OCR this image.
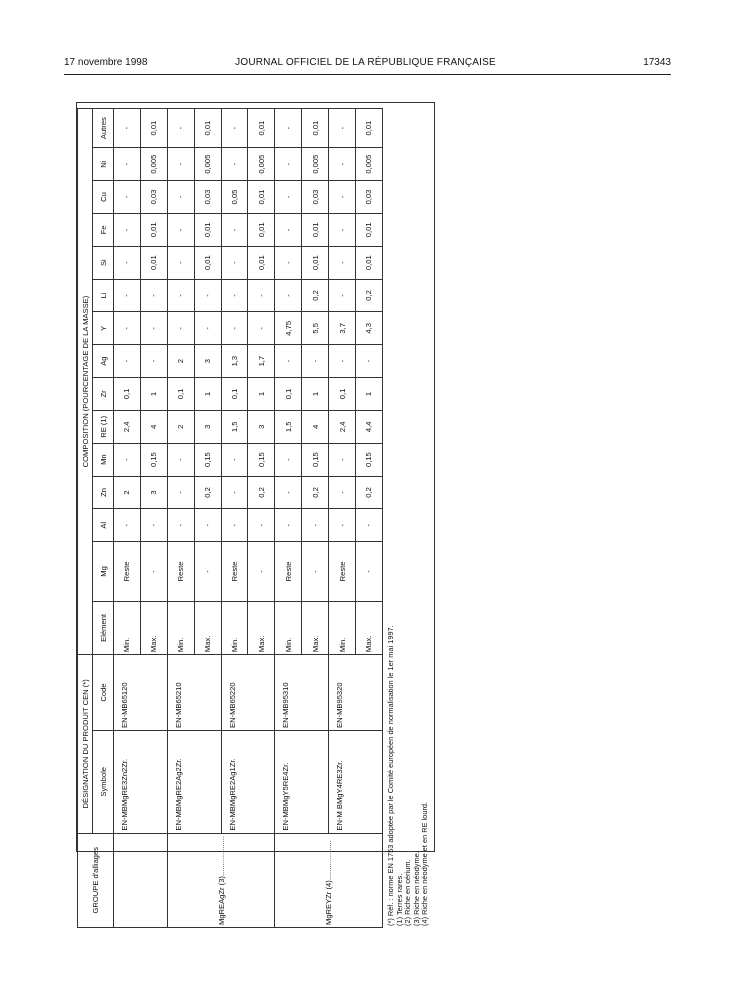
17 novembre 1998	JOURNAL OFFICIEL DE LA RÉPUBLIQUE FRANÇAISE	17343
GROUPE d'alliages	DÉSIGNATION DU PRODUIT CEN (*)		COMPOSITION (POURCENTAGE DE LA MASSE)														
	Symbole	Code	Elément	Mg	Al	Zn	Mn	RE (1)	Zr	Ag	Y	Li	Si	Fe	Cu	Ni	Autres
	EN-MBMgRE3Zn2Zr.	EN-MB65120	Min.	Reste	-	2	-	2,4	0,1	-	-	-	-	-	-	-	-
			Max.	-	-	3	0,15	4	1	-	-	-	0,01	0,01	0,03	0,005	0,01
MgREAgZr (3)...................	EN-MBMgRE2Ag2Zr.	EN-MB65210	Min.	Reste	-	-	-	2	0,1	2	-	-	-	-	-	-	-
			Max.	-	-	0,2	0,15	3	1	3	-	-	0,01	0,01	0,03	0,005	0,01
	EN-MBMgRE2Ag1Zr.	EN-MB65220	Min.	Reste	-	-	-	1,5	0,1	1,3	-	-	-	-	0,05	-	-
			Max.	-	-	0,2	0,15	3	1	1,7	-	-	0,01	0,01	0,01	0,005	0,01
MgREYZr (4)...................	EN-MBMgY5RE4Zr.	EN-MB95310	Min.	Reste	-	-	-	1,5	0,1	-	4,75	-	-	-	-	-	-
			Max.	-	-	0,2	0,15	4	1	-	5,5	0,2	0,01	0,01	0,03	0,005	0,01
	EN-M BMgY4RE3Zr.	EN-MB95320	Min.	Reste	-	-	-	2,4	0,1	-	3,7	-	-	-	-	-	-
			Max.	-	-	0,2	0,15	4,4	1	-	4,3	0,2	0,01	0,01	0,03	0,005	0,01
(*) Réf. : norme EN 1753 adoptée par le Comité européen de normalisation le 1er mai 1997. (1) Terres rares. (2) Riche en cérium. (3) Riche en néodyme. (4) Riche en néodyme et en RE lourd.
